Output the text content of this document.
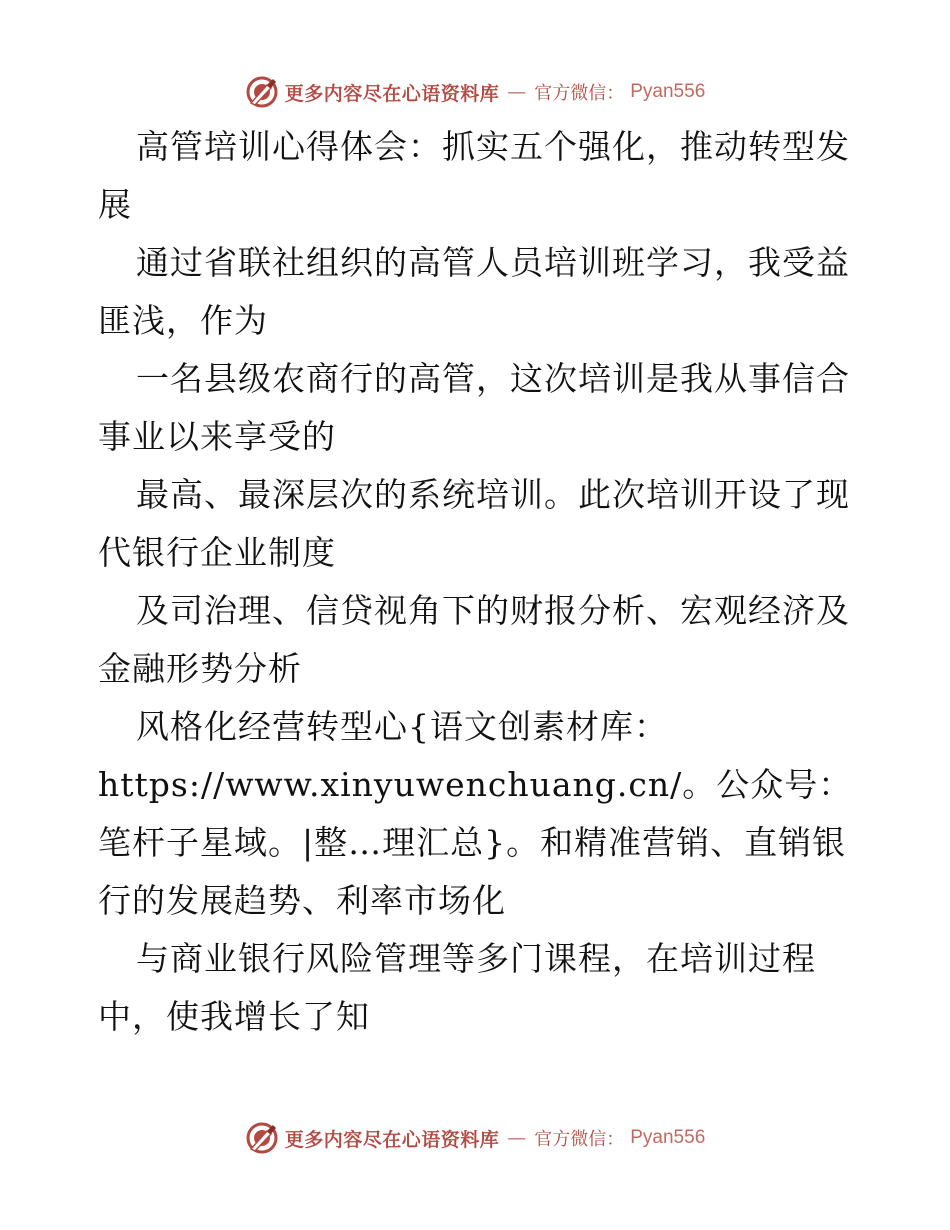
更多内容尽在心语资料库 — 官方微信： Pyan556

高管培训心得体会：抓实五个强化，推动转型发展

通过省联社组织的高管人员培训班学习，我受益匪浅，作为

一名县级农商行的高管，这次培训是我从事信合事业以来享受的

最高、最深层次的系统培训。此次培训开设了现代银行企业制度

及司治理、信贷视角下的财报分析、宏观经济及金融形势分析

风格化经营转型心{语文创素材库：https://www.xinyuwenchuang.cn/。公众号：笔杆子星域。|整…理汇总}。和精准营销、直销银行的发展趋势、利率市场化

与商业银行风险管理等多门课程，在培训过程中，使我增长了知

更多内容尽在心语资料库 — 官方微信： Pyan556
